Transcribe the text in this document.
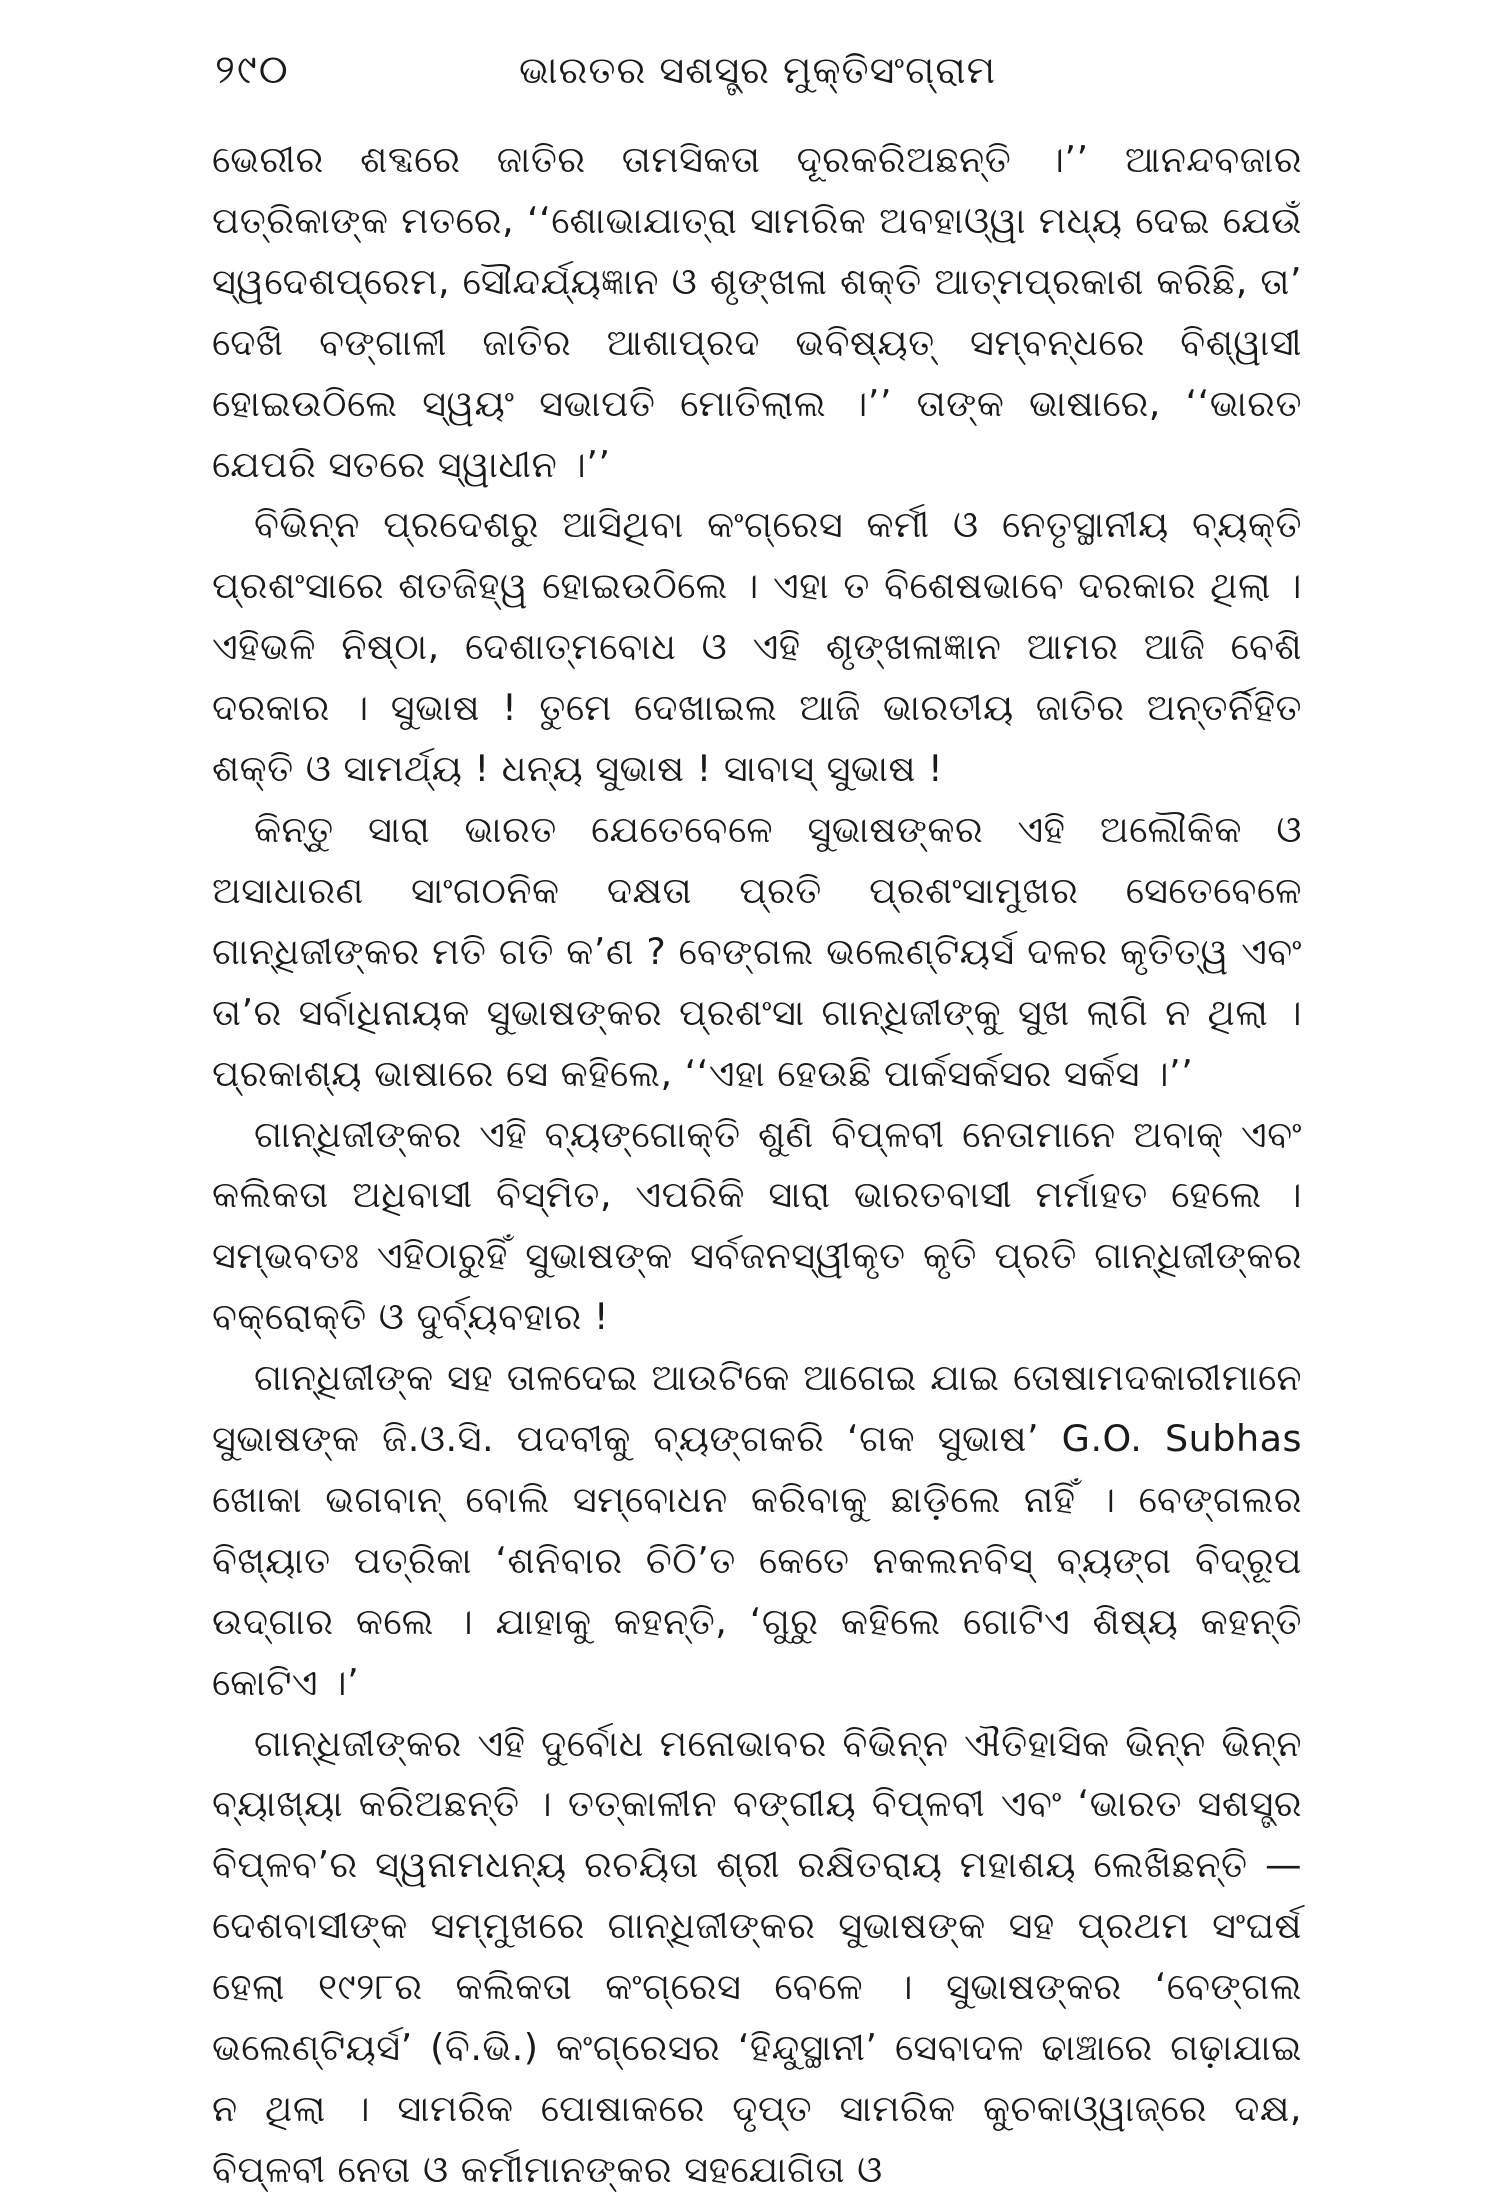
୨୯୦	ଭାରତର ସଶସ୍ତ୍ର ମୁକ୍ତିସଂଗ୍ରାମ

ଭେରୀର ଶବ୍ଦରେ ଜାତିର ତାମସିକତା ଦୂରକରିଅଛନ୍ତି ।’’ ଆନନ୍ଦବଜାର ପତ୍ରିକାଙ୍କ ମତରେ, ‘‘ଶୋଭାଯାତ୍ରା ସାମରିକ ଅବହାଓ୍ୱା ମଧ୍ୟ ଦେଇ ଯେଉଁ ସ୍ୱଦେଶପ୍ରେମ, ସୌନ୍ଦର୍ଯ୍ୟଜ୍ଞାନ ଓ ଶୃଙ୍ଖଳା ଶକ୍ତି ଆତ୍ମପ୍ରକାଶ କରିଛି, ତା’ ଦେଖି ବଙ୍ଗାଳୀ ଜାତିର ଆଶାପ୍ରଦ ଭବିଷ୍ୟତ୍ ସମ୍ବନ୍ଧରେ ବିଶ୍ୱାସୀ ହୋଇଉଠିଲେ ସ୍ୱୟଂ ସଭାପତି ମୋତିଲାଲ ।’’ ତାଙ୍କ ଭାଷାରେ, ‘‘ଭାରତ ଯେପରି ସତରେ ସ୍ୱାଧୀନ ।’’

ବିଭିନ୍ନ ପ୍ରଦେଶରୁ ଆସିଥିବା କଂଗ୍ରେସ କର୍ମୀ ଓ ନେତୃସ୍ଥାନୀୟ ବ୍ୟକ୍ତି ପ୍ରଶଂସାରେ ଶତଜିହ୍ୱ ହୋଇଉଠିଲେ । ଏହା ତ ବିଶେଷଭାବେ ଦରକାର ଥିଲା । ଏହିଭଳି ନିଷ୍ଠା, ଦେଶାତ୍ମବୋଧ ଓ ଏହି ଶୃଙ୍ଖଳାଜ୍ଞାନ ଆମର ଆଜି ବେଶି ଦରକାର । ସୁଭାଷ ! ତୁମେ ଦେଖାଇଲ ଆଜି ଭାରତୀୟ ଜାତିର ଅନ୍ତର୍ନିହିତ ଶକ୍ତି ଓ ସାମର୍ଥ୍ୟ ! ଧନ୍ୟ ସୁଭାଷ ! ସାବାସ୍ ସୁଭାଷ !

କିନ୍ତୁ ସାରା ଭାରତ ଯେତେବେଳେ ସୁଭାଷଙ୍କର ଏହି ଅଲୌକିକ ଓ ଅସାଧାରଣ ସାଂଗଠନିକ ଦକ୍ଷତା ପ୍ରତି ପ୍ରଶଂସାମୁଖର ସେତେବେଳେ ଗାନ୍ଧିଜୀଙ୍କର ମତି ଗତି କ’ଣ ? ବେଙ୍ଗଲ ଭଲେଣ୍ଟିୟର୍ସ ଦଳର କୃତିତ୍ୱ ଏବଂ ତା’ର ସର୍ବାଧିନାୟକ ସୁଭାଷଙ୍କର ପ୍ରଶଂସା ଗାନ୍ଧିଜୀଙ୍କୁ ସୁଖ ଲାଗି ନ ଥିଲା । ପ୍ରକାଶ୍ୟ ଭାଷାରେ ସେ କହିଲେ, ‘‘ଏହା ହେଉଛି ପାର୍କସର୍କସର ସର୍କସ ।’’

ଗାନ୍ଧିଜୀଙ୍କର ଏହି ବ୍ୟଙ୍ଗୋକ୍ତି ଶୁଣି ବିପ୍ଳବୀ ନେତାମାନେ ଅବାକ୍ ଏବଂ କଲିକତା ଅଧିବାସୀ ବିସ୍ମିତ, ଏପରିକି ସାରା ଭାରତବାସୀ ମର୍ମାହତ ହେଲେ । ସମ୍ଭବତଃ ଏହିଠାରୁହିଁ ସୁଭାଷଙ୍କ ସର୍ବଜନସ୍ୱୀକୃତ କୃତି ପ୍ରତି ଗାନ୍ଧିଜୀଙ୍କର ବକ୍ରୋକ୍ତି ଓ ଦୁର୍ବ୍ୟବହାର !

ଗାନ୍ଧିଜୀଙ୍କ ସହ ତାଳଦେଇ ଆଉଟିକେ ଆଗେଇ ଯାଇ ତୋଷାମଦକାରୀମାନେ ସୁଭାଷଙ୍କ ଜି.ଓ.ସି. ପଦବୀକୁ ବ୍ୟଙ୍ଗକରି ‘ଗକ ସୁଭାଷ’ G.O. Subhas ଖୋକା ଭଗବାନ୍ ବୋଲି ସମ୍ବୋଧନ କରିବାକୁ ଛାଡ଼ିଲେ ନାହିଁ । ବେଙ୍ଗଲର ବିଖ୍ୟାତ ପତ୍ରିକା ‘ଶନିବାର ଚିଠି’ତ କେତେ ନକଲନବିସ୍ ବ୍ୟଙ୍ଗ ବିଦ୍ରୂପ ଉଦ୍‌ଗାର କଲେ । ଯାହାକୁ କହନ୍ତି, ‘ଗୁରୁ କହିଲେ ଗୋଟିଏ ଶିଷ୍ୟ କହନ୍ତି କୋଟିଏ ।’

ଗାନ୍ଧିଜୀଙ୍କର ଏହି ଦୁର୍ବୋଧ ମନୋଭାବର ବିଭିନ୍ନ ଐତିହାସିକ ଭିନ୍ନ ଭିନ୍ନ ବ୍ୟାଖ୍ୟା କରିଅଛନ୍ତି । ତତ୍‌କାଳୀନ ବଙ୍ଗୀୟ ବିପ୍ଳବୀ ଏବଂ ‘ଭାରତ ସଶସ୍ତ୍ର ବିପ୍ଳବ’ର ସ୍ୱନାମଧନ୍ୟ ରଚୟିତା ଶ୍ରୀ ରକ୍ଷିତରାୟ ମହାଶୟ ଲେଖିଛନ୍ତି — ଦେଶବାସୀଙ୍କ ସମ୍ମୁଖରେ ଗାନ୍ଧିଜୀଙ୍କର ସୁଭାଷଙ୍କ ସହ ପ୍ରଥମ ସଂଘର୍ଷ ହେଲା ୧୯୨୮ର କଲିକତା କଂଗ୍ରେସ ବେଳେ । ସୁଭାଷଙ୍କର ‘ବେଙ୍ଗଲ ଭଲେଣ୍ଟିୟର୍ସ’ (ବି.ଭି.) କଂଗ୍ରେସର ‘ହିନ୍ଦୁସ୍ଥାନୀ’ ସେବାଦଳ ଢାଞ୍ଚାରେ ଗଢ଼ାଯାଇ ନ ଥିଲା । ସାମରିକ ପୋଷାକରେ ଦୃପ୍ତ ସାମରିକ କୁଚକାଓ୍ୱାଜ୍‌ରେ ଦକ୍ଷ, ବିପ୍ଳବୀ ନେତା ଓ କର୍ମୀମାନଙ୍କର ସହଯୋଗିତା ଓ
